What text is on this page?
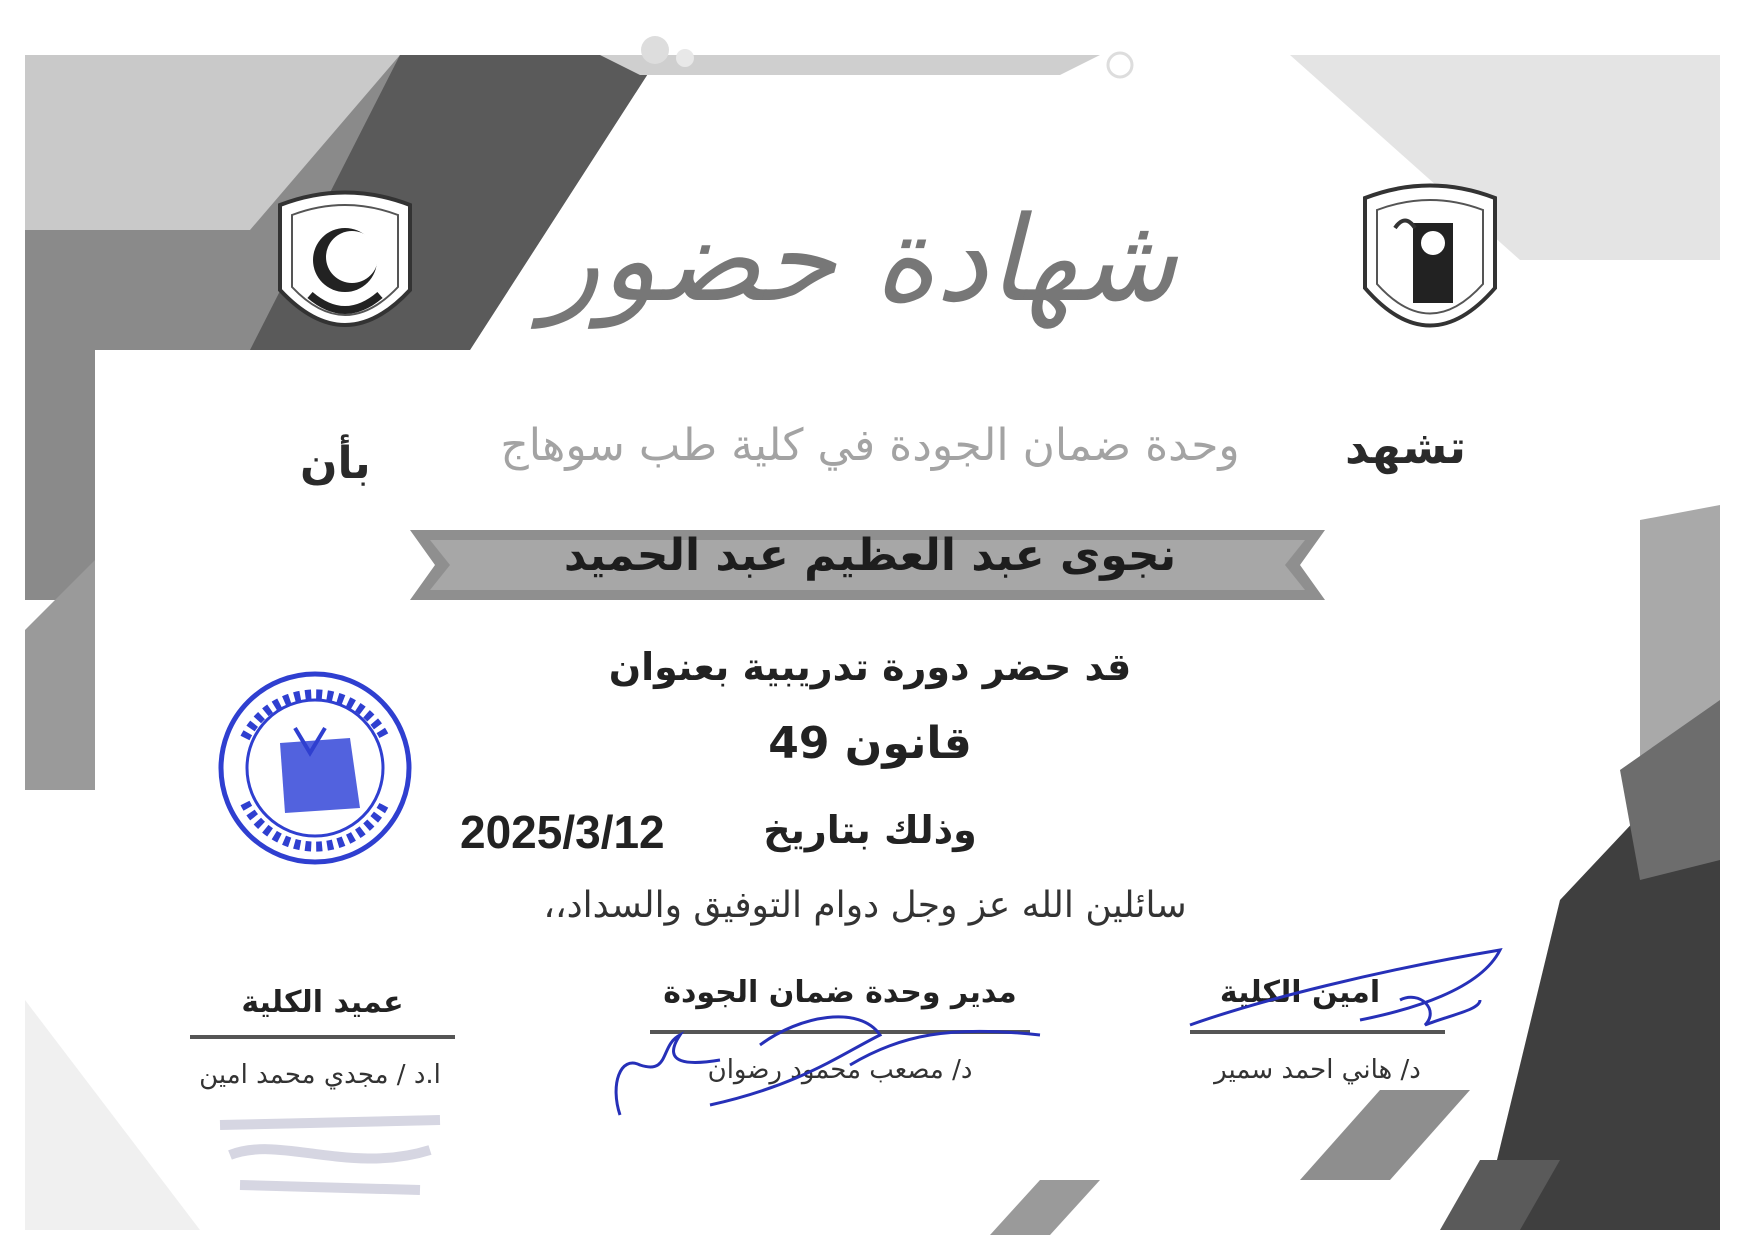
شهادة حضور
تشهد
وحدة ضمان الجودة في كلية طب سوهاج
بأن
نجوى عبد العظيم عبد الحميد
قد حضر دورة تدريبية بعنوان
قانون 49
وذلك بتاريخ
2025/3/12
سائلين الله عز وجل دوام التوفيق والسداد،،
امين الكلية
د/ هاني احمد سمير
مدير وحدة ضمان الجودة
د/ مصعب محمود رضوان
عميد الكلية
ا.د / مجدي محمد امين
